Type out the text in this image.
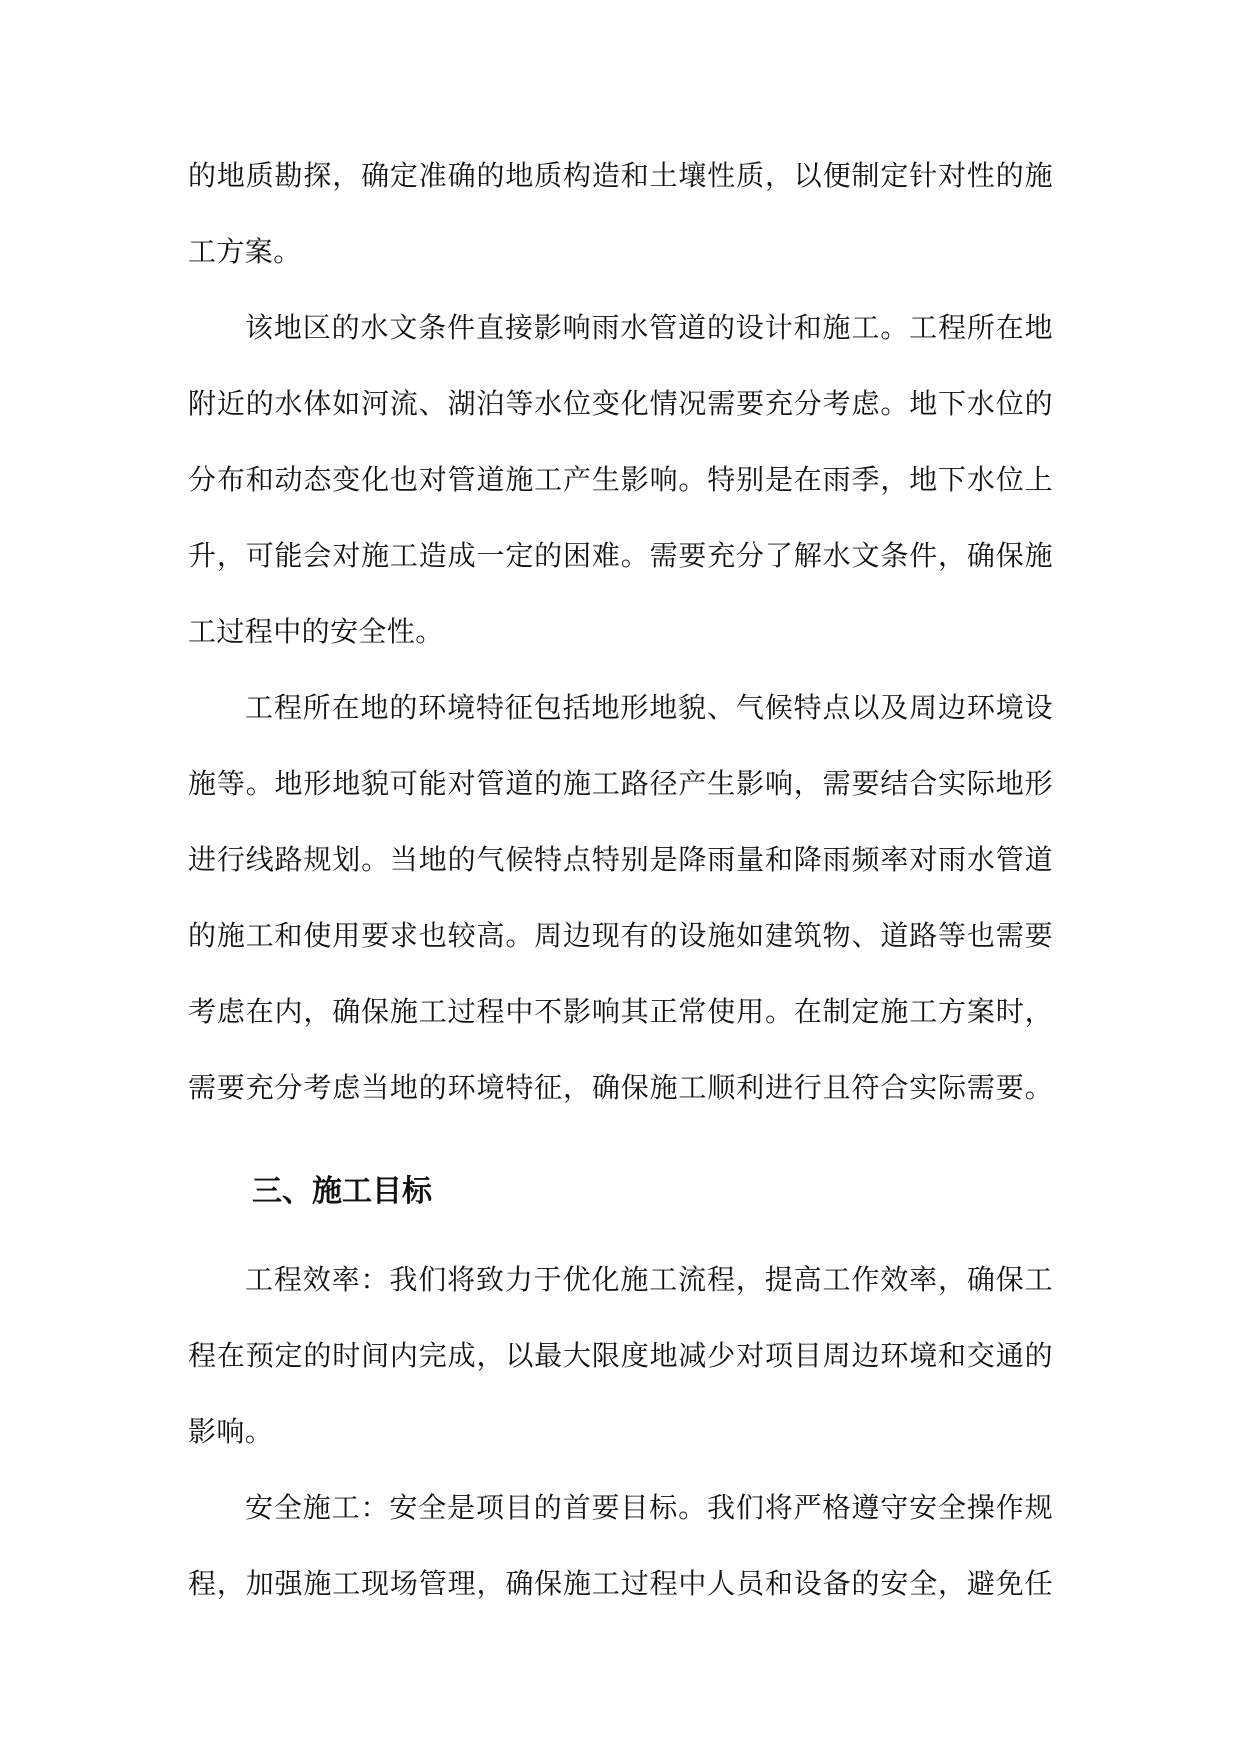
的地质勘探，确定准确的地质构造和土壤性质，以便制定针对性的施
工方案。
该地区的水文条件直接影响雨水管道的设计和施工。工程所在地
附近的水体如河流、湖泊等水位变化情况需要充分考虑。地下水位的
分布和动态变化也对管道施工产生影响。特别是在雨季，地下水位上
升，可能会对施工造成一定的困难。需要充分了解水文条件，确保施
工过程中的安全性。
工程所在地的环境特征包括地形地貌、气候特点以及周边环境设
施等。地形地貌可能对管道的施工路径产生影响，需要结合实际地形
进行线路规划。当地的气候特点特别是降雨量和降雨频率对雨水管道
的施工和使用要求也较高。周边现有的设施如建筑物、道路等也需要
考虑在内，确保施工过程中不影响其正常使用。在制定施工方案时，
需要充分考虑当地的环境特征，确保施工顺利进行且符合实际需要。
三、施工目标
工程效率：我们将致力于优化施工流程，提高工作效率，确保工
程在预定的时间内完成，以最大限度地减少对项目周边环境和交通的
影响。
安全施工：安全是项目的首要目标。我们将严格遵守安全操作规
程，加强施工现场管理，确保施工过程中人员和设备的安全，避免任
